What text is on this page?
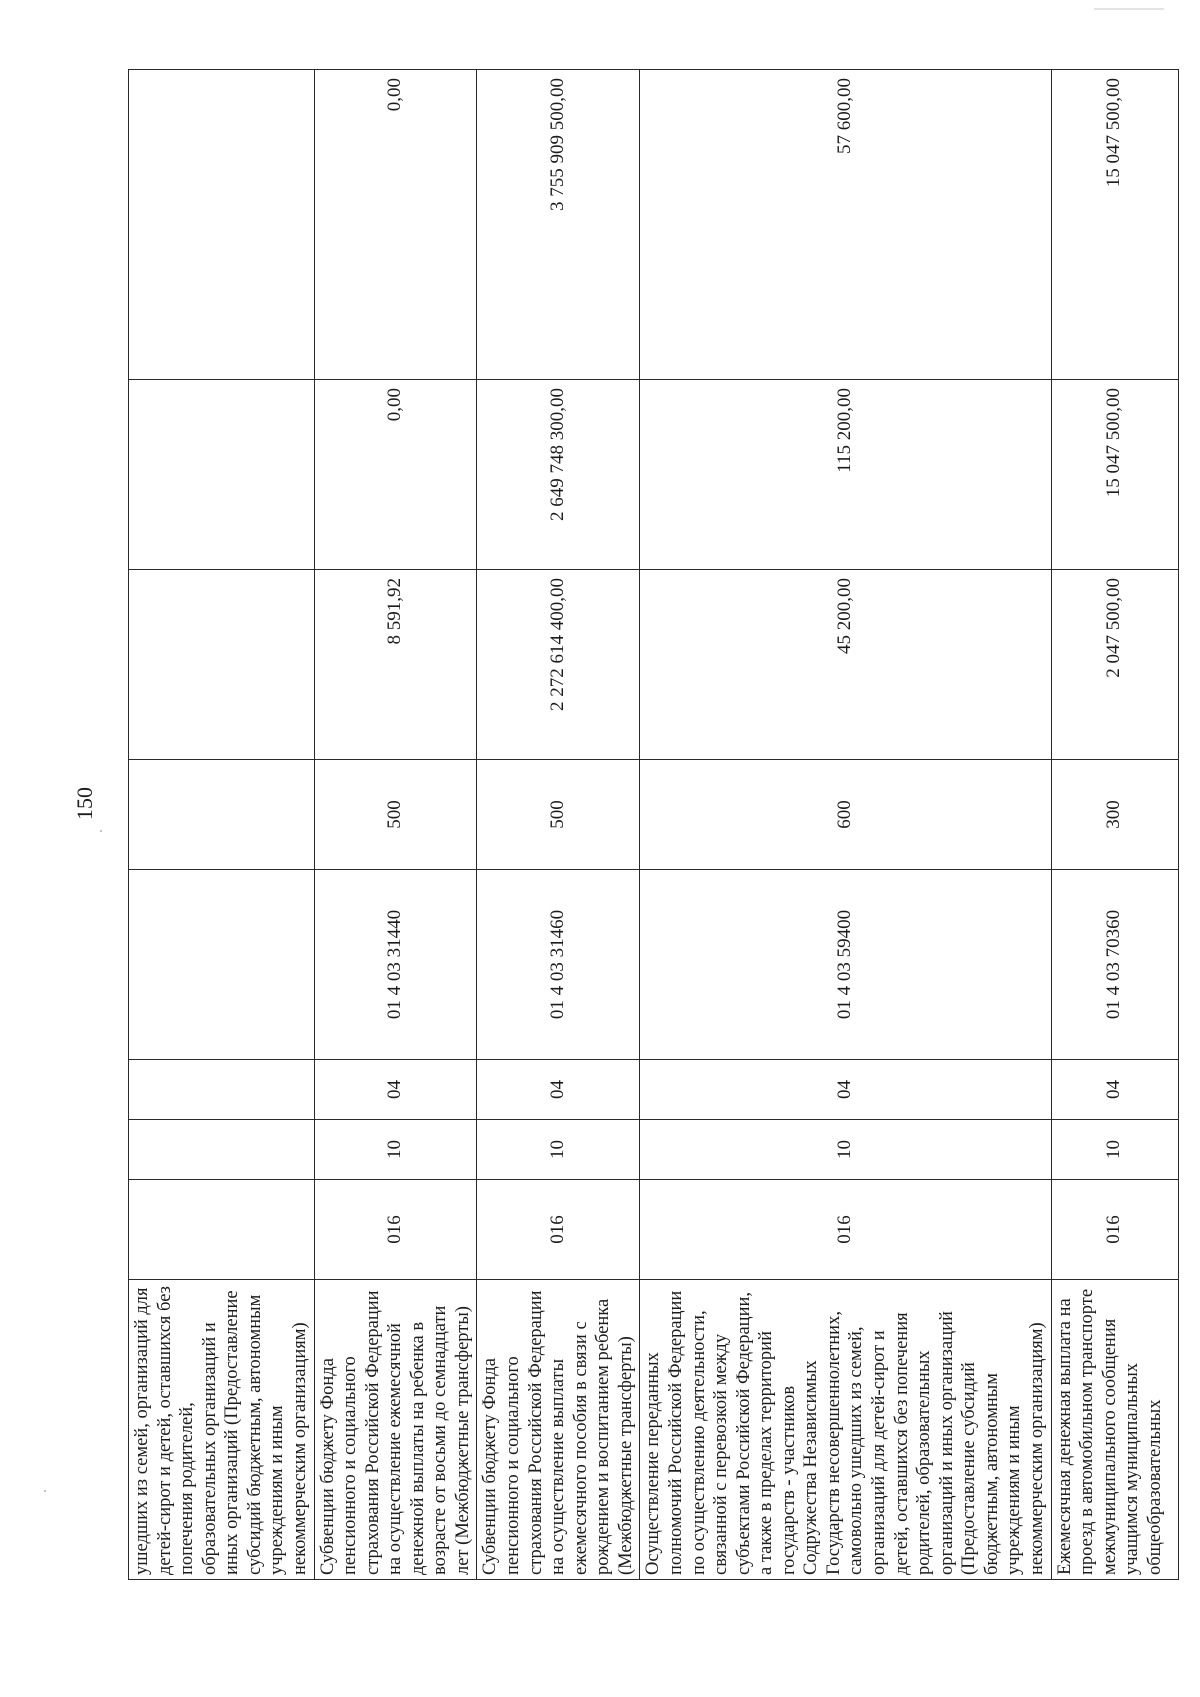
150
ушедших из семей, организаций для детей-сирот и детей, оставшихся без попечения родителей, образовательных организаций и иных организаций (Предоставление субсидий бюджетным, автономным учреждениям и иным некоммерческим организациям)								
Субвенции бюджету Фонда пенсионного и социального страхования Российской Федерации на осуществление ежемесячной денежной выплаты на ребенка в возрасте от восьми до семнадцати лет (Межбюджетные трансферты)	016	10	04	01 4 03 31440	500	8 591,92	0,00	0,00
Субвенции бюджету Фонда пенсионного и социального страхования Российской Федерации на осуществление выплаты ежемесячного пособия в связи с рождением и воспитанием ребенка (Межбюджетные трансферты)	016	10	04	01 4 03 31460	500	2 272 614 400,00	2 649 748 300,00	3 755 909 500,00
Осуществление переданных полномочий Российской Федерации по осуществлению деятельности, связанной с перевозкой между субъектами Российской Федерации, а также в пределах территорий государств - участников Содружества Независимых Государств несовершеннолетних, самовольно ушедших из семей, организаций для детей-сирот и детей, оставшихся без попечения родителей, образовательных организаций и иных организаций (Предоставление субсидий бюджетным, автономным учреждениям и иным некоммерческим организациям)	016	10	04	01 4 03 59400	600	45 200,00	115 200,00	57 600,00
Ежемесячная денежная выплата на проезд в автомобильном транспорте межмуниципального сообщения учащимся муниципальных общеобразовательных	016	10	04	01 4 03 70360	300	2 047 500,00	15 047 500,00	15 047 500,00
